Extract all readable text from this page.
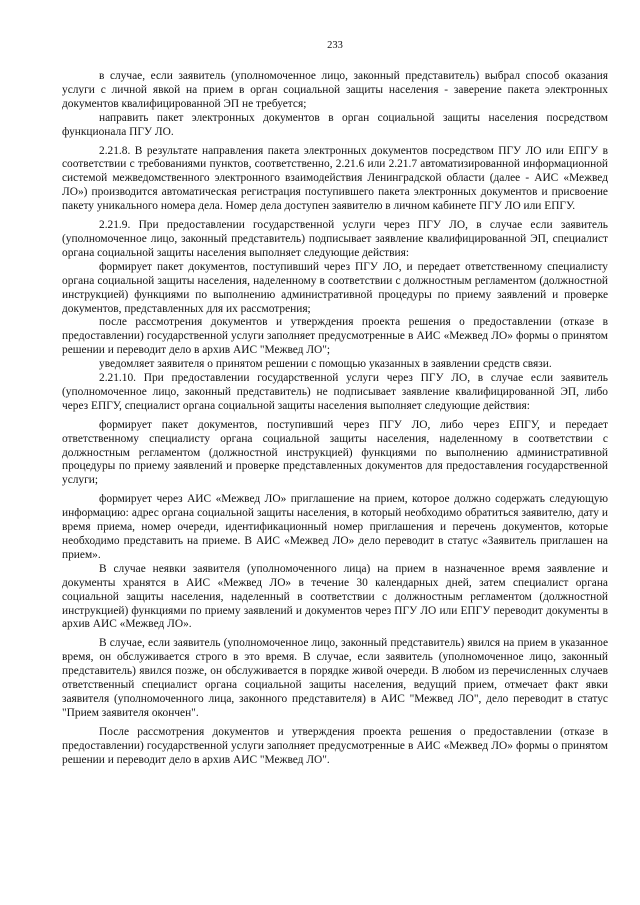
233

в случае, если заявитель (уполномоченное лицо, законный представитель) выбрал способ оказания услуги с личной явкой на прием в орган социальной защиты населения - заверение пакета электронных документов квалифицированной ЭП не требуется;

направить пакет электронных документов в орган социальной защиты населения посредством функционала ПГУ ЛО.

2.21.8. В результате направления пакета электронных документов посредством ПГУ ЛО или ЕПГУ в соответствии с требованиями пунктов, соответственно, 2.21.6 или 2.21.7 автоматизированной информационной системой межведомственного электронного взаимодействия Ленинградской области (далее - АИС «Межвед ЛО») производится автоматическая регистрация поступившего пакета электронных документов и присвоение пакету уникального номера дела. Номер дела доступен заявителю в личном кабинете ПГУ ЛО или ЕПГУ.

2.21.9. При предоставлении государственной услуги через ПГУ ЛО, в случае если заявитель (уполномоченное лицо, законный представитель) подписывает заявление квалифицированной ЭП, специалист органа социальной защиты населения выполняет следующие действия:

формирует пакет документов, поступивший через ПГУ ЛО, и передает ответственному специалисту органа социальной защиты населения, наделенному в соответствии с должностным регламентом (должностной инструкцией) функциями по выполнению административной процедуры по приему заявлений и проверке документов, представленных для их рассмотрения;

после рассмотрения документов и утверждения проекта решения о предоставлении (отказе в предоставлении) государственной услуги заполняет предусмотренные в АИС «Межвед ЛО» формы о принятом решении и переводит дело в архив АИС "Межвед ЛО";

уведомляет заявителя о принятом решении с помощью указанных в заявлении средств связи.

2.21.10. При предоставлении государственной услуги через ПГУ ЛО, в случае если заявитель (уполномоченное лицо, законный представитель) не подписывает заявление квалифицированной ЭП, либо через ЕПГУ, специалист органа социальной защиты населения выполняет следующие действия:

формирует пакет документов, поступивший через ПГУ ЛО, либо через ЕПГУ, и передает ответственному специалисту органа социальной защиты населения, наделенному в соответствии с должностным регламентом (должностной инструкцией) функциями по выполнению административной процедуры по приему заявлений и проверке представленных документов для предоставления государственной услуги;

формирует через АИС «Межвед ЛО» приглашение на прием, которое должно содержать следующую информацию: адрес органа социальной защиты населения, в который необходимо обратиться заявителю, дату и время приема, номер очереди, идентификационный номер приглашения и перечень документов, которые необходимо представить на приеме. В АИС «Межвед ЛО» дело переводит в статус «Заявитель приглашен на прием».

В случае неявки заявителя (уполномоченного лица) на прием в назначенное время заявление и документы хранятся в АИС «Межвед ЛО» в течение 30 календарных дней, затем специалист органа социальной защиты населения, наделенный в соответствии с должностным регламентом (должностной инструкцией) функциями по приему заявлений и документов через ПГУ ЛО или ЕПГУ переводит документы в архив АИС «Межвед ЛО».

В случае, если заявитель (уполномоченное лицо, законный представитель) явился на прием в указанное время, он обслуживается строго в это время. В случае, если заявитель (уполномоченное лицо, законный представитель) явился позже, он обслуживается в порядке живой очереди. В любом из перечисленных случаев ответственный специалист органа социальной защиты населения, ведущий прием, отмечает факт явки заявителя (уполномоченного лица, законного представителя) в АИС "Межвед ЛО", дело переводит в статус "Прием заявителя окончен".

После рассмотрения документов и утверждения проекта решения о предоставлении (отказе в предоставлении) государственной услуги заполняет предусмотренные в АИС «Межвед ЛО» формы о принятом решении и переводит дело в архив АИС "Межвед ЛО".
